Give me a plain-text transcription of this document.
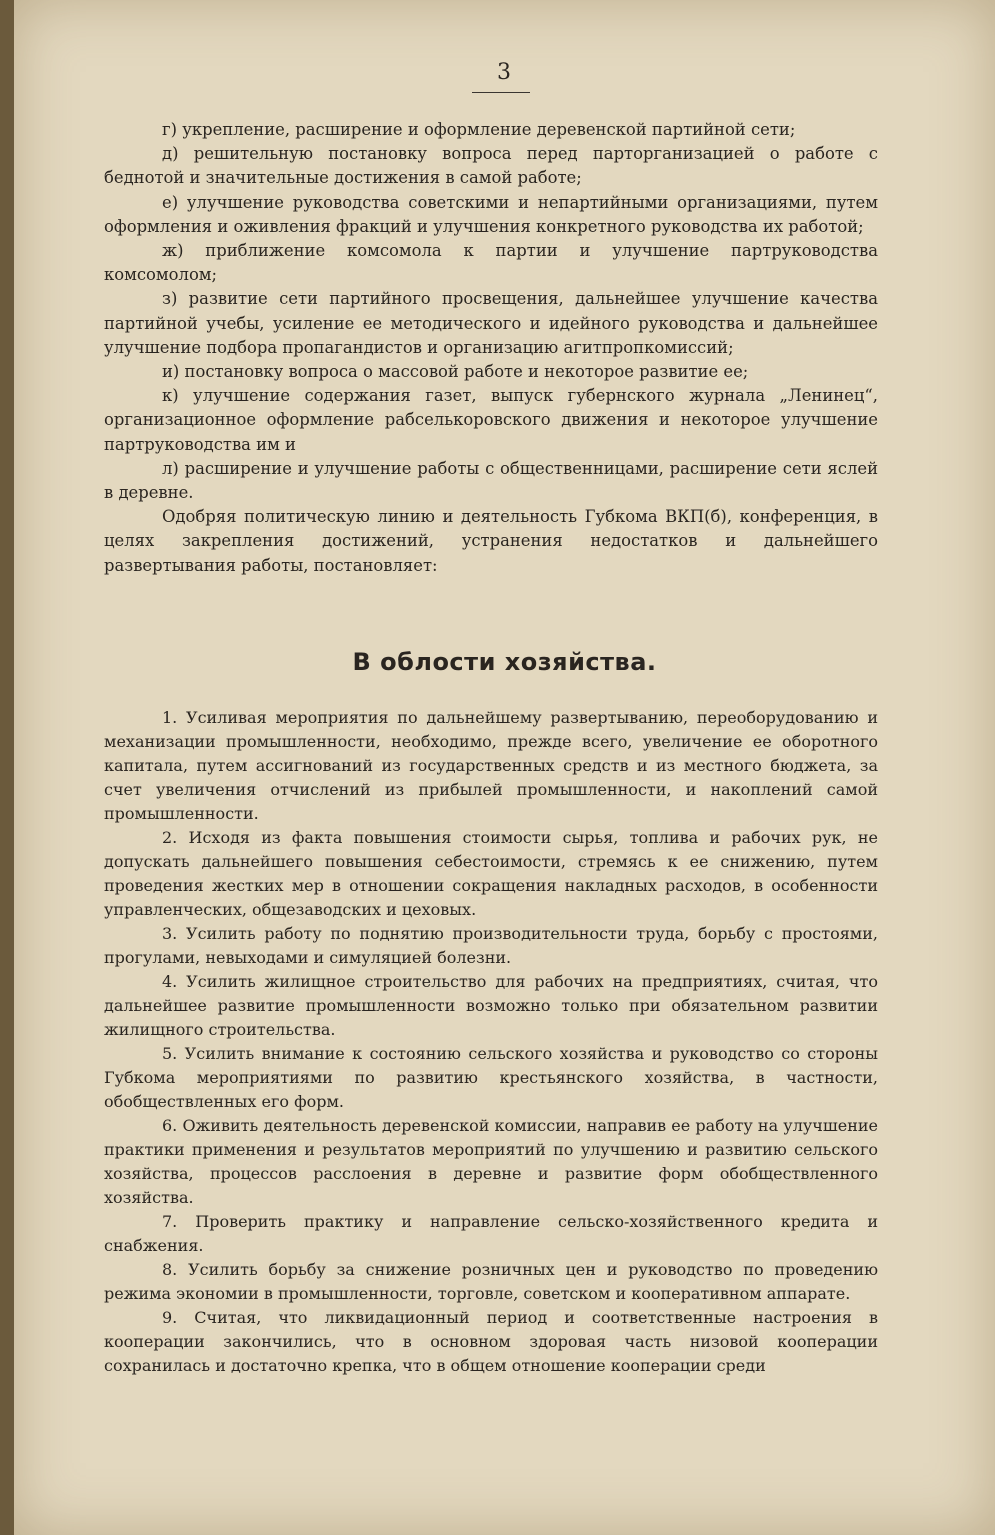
3

г) укрепление, расширение и оформление деревенской партийной сети;

д) решительную постановку вопроса перед парторганизацией о работе с беднотой и значительные достижения в самой работе;

е) улучшение руководства советскими и непартийными организациями, путем оформления и оживления фракций и улучшения конкретного руководства их работой;

ж) приближение комсомола к партии и улучшение партруководства комсомолом;

з) развитие сети партийного просвещения, дальнейшее улучшение качества партийной учебы, усиление ее методического и идейного руководства и дальнейшее улучшение подбора пропагандистов и организацию агитпропкомиссий;

и) постановку вопроса о массовой работе и некоторое развитие ее;

к) улучшение содержания газет, выпуск губернского журнала „Ленинец“, организационное оформление рабселькоровского движения и некоторое улучшение партруководства им и

л) расширение и улучшение работы с общественницами, расширение сети яслей в деревне.

Одобряя политическую линию и деятельность Губкома ВКП(б), конференция, в целях закрепления достижений, устранения недостатков и дальнейшего развертывания работы, постановляет:

В облости хозяйства.

1. Усиливая мероприятия по дальнейшему развертыванию, переоборудованию и механизации промышленности, необходимо, прежде всего, увеличение ее оборотного капитала, путем ассигнований из государственных средств и из местного бюджета, за счет увеличения отчислений из прибылей промышленности, и накоплений самой промышленности.

2. Исходя из факта повышения стоимости сырья, топлива и рабочих рук, не допускать дальнейшего повышения себестоимости, стремясь к ее снижению, путем проведения жестких мер в отношении сокращения накладных расходов, в особенности управленческих, общезаводских и цеховых.

3. Усилить работу по поднятию производительности труда, борьбу с простоями, прогулами, невыходами и симуляцией болезни.

4. Усилить жилищное строительство для рабочих на предприятиях, считая, что дальнейшее развитие промышленности возможно только при обязательном развитии жилищного строительства.

5. Усилить внимание к состоянию сельского хозяйства и руководство со стороны Губкома мероприятиями по развитию крестьянского хозяйства, в частности, обобществленных его форм.

6. Оживить деятельность деревенской комиссии, направив ее работу на улучшение практики применения и результатов мероприятий по улучшению и развитию сельского хозяйства, процессов расслоения в деревне и развитие форм обобществленного хозяйства.

7. Проверить практику и направление сельско-хозяйственного кредита и снабжения.

8. Усилить борьбу за снижение розничных цен и руководство по проведению режима экономии в промышленности, торговле, советском и кооперативном аппарате.

9. Считая, что ликвидационный период и соответственные настроения в кооперации закончились, что в основном здоровая часть низовой кооперации сохранилась и достаточно крепка, что в общем отношение кооперации среди
